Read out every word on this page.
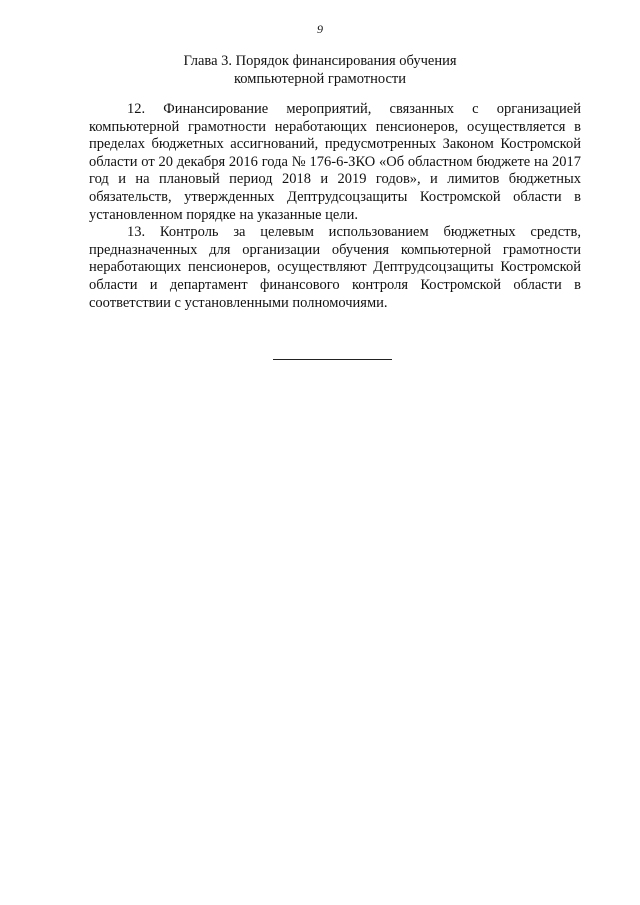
9
Глава 3. Порядок финансирования обучения
компьютерной грамотности

12. Финансирование мероприятий, связанных с организацией компьютерной грамотности неработающих пенсионеров, осуществляется в пределах бюджетных ассигнований, предусмотренных Законом Костромской области от 20 декабря 2016 года № 176-6-ЗКО «Об областном бюджете на 2017 год и на плановый период 2018 и 2019 годов», и лимитов бюджетных обязательств, утвержденных Дептрудсоцзащиты Костромской области в установленном порядке на указанные цели.

13. Контроль за целевым использованием бюджетных средств, предназначенных для организации обучения компьютерной грамотности неработающих пенсионеров, осуществляют Дептрудсоцзащиты Костромской области и департамент финансового контроля Костромской области в соответствии с установленными полномочиями.
